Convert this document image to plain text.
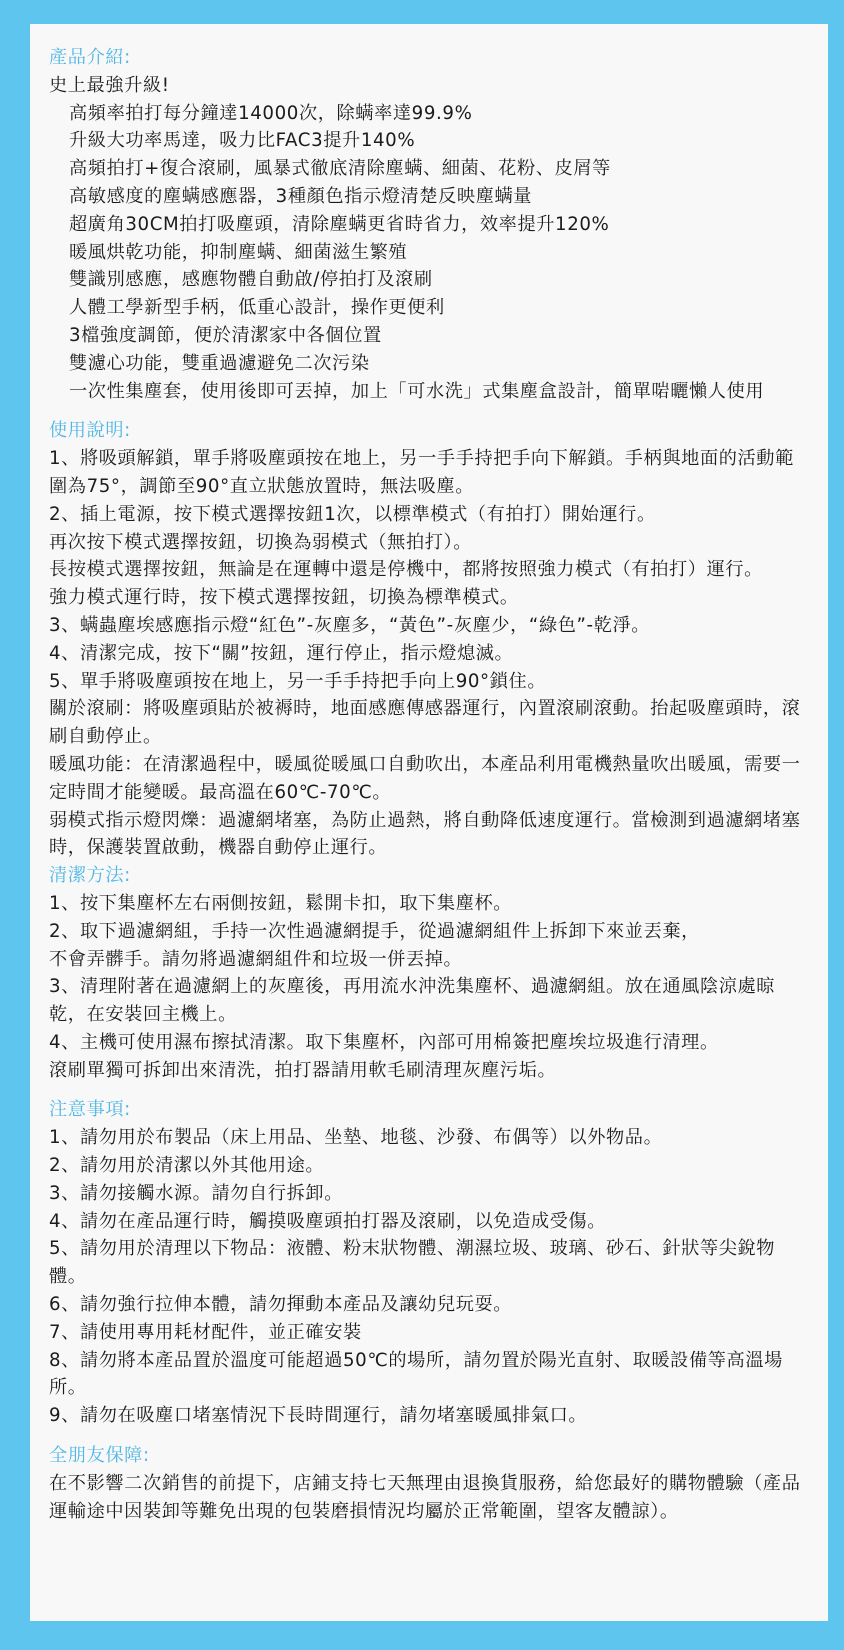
產品介紹:

史上最強升級!

高頻率拍打每分鐘達14000次，除螨率達99.9%

升級大功率馬達，吸力比FAC3提升140%

高頻拍打+復合滾刷，風暴式徹底清除塵螨、細菌、花粉、皮屑等

高敏感度的塵螨感應器，3種顏色指示燈清楚反映塵螨量

超廣角30CM拍打吸塵頭，清除塵螨更省時省力，效率提升120%

暖風烘乾功能，抑制塵螨、細菌滋生繁殖

雙識別感應，感應物體自動啟/停拍打及滾刷

人體工學新型手柄，低重心設計，操作更便利

3檔強度調節，便於清潔家中各個位置

雙濾心功能，雙重過濾避免二次污染

一次性集塵套，使用後即可丟掉，加上「可水洗」式集塵盒設計，簡單啱曬懶人使用

使用說明:

1、將吸頭解鎖，單手將吸塵頭按在地上，另一手手持把手向下解鎖。手柄與地面的活動範圍為75°，調節至90°直立狀態放置時，無法吸塵。

2、插上電源，按下模式選擇按鈕1次，以標準模式（有拍打）開始運行。

再次按下模式選擇按鈕，切換為弱模式（無拍打）。

長按模式選擇按鈕，無論是在運轉中還是停機中，都將按照強力模式（有拍打）運行。

強力模式運行時，按下模式選擇按鈕，切換為標準模式。

3、螨蟲塵埃感應指示燈“紅色”-灰塵多，“黃色”-灰塵少，“綠色”-乾淨。

4、清潔完成，按下“關”按鈕，運行停止，指示燈熄滅。

5、單手將吸塵頭按在地上，另一手手持把手向上90°鎖住。

關於滾刷：將吸塵頭貼於被褥時，地面感應傳感器運行，內置滾刷滾動。抬起吸塵頭時，滾刷自動停止。

暖風功能：在清潔過程中，暖風從暖風口自動吹出，本產品利用電機熱量吹出暖風，需要一定時間才能變暖。最高溫在60℃-70℃。

弱模式指示燈閃爍：過濾網堵塞，為防止過熱，將自動降低速度運行。當檢測到過濾網堵塞時，保護裝置啟動，機器自動停止運行。

清潔方法:

1、按下集塵杯左右兩側按鈕，鬆開卡扣，取下集塵杯。

2、取下過濾網組，手持一次性過濾網提手，從過濾網組件上拆卸下來並丟棄，

不會弄髒手。請勿將過濾網組件和垃圾一併丟掉。

3、清理附著在過濾網上的灰塵後，再用流水沖洗集塵杯、過濾網組。放在通風陰涼處晾乾，在安裝回主機上。

4、主機可使用濕布擦拭清潔。取下集塵杯，內部可用棉簽把塵埃垃圾進行清理。

滾刷單獨可拆卸出來清洗，拍打器請用軟毛刷清理灰塵污垢。

注意事項:

1、請勿用於布製品（床上用品、坐墊、地毯、沙發、布偶等）以外物品。

2、請勿用於清潔以外其他用途。

3、請勿接觸水源。請勿自行拆卸。

4、請勿在產品運行時，觸摸吸塵頭拍打器及滾刷，以免造成受傷。

5、請勿用於清理以下物品：液體、粉末狀物體、潮濕垃圾、玻璃、砂石、針狀等尖銳物體。

6、請勿強行拉伸本體，請勿揮動本產品及讓幼兒玩耍。

7、請使用專用耗材配件，並正確安裝

8、請勿將本產品置於溫度可能超過50℃的場所，請勿置於陽光直射、取暖設備等高溫場所。

9、請勿在吸塵口堵塞情況下長時間運行，請勿堵塞暖風排氣口。

全朋友保障:

在不影響二次銷售的前提下，店鋪支持七天無理由退換貨服務，給您最好的購物體驗（產品運輸途中因裝卸等難免出現的包裝磨損情況均屬於正常範圍，望客友體諒）。
